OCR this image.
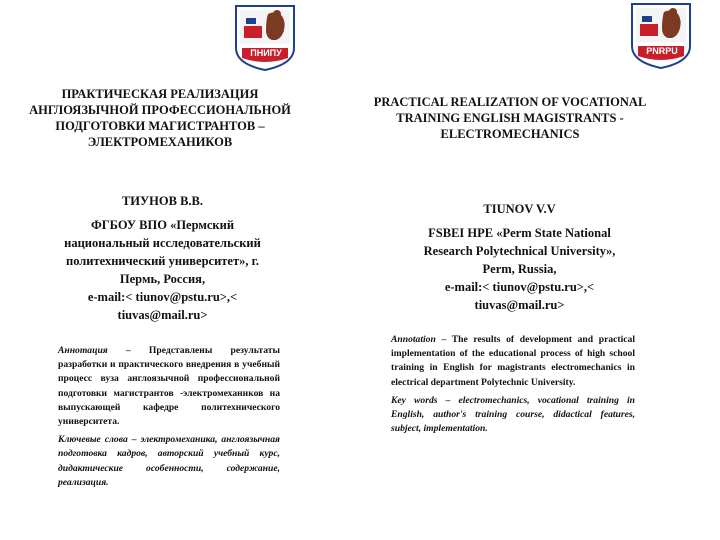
ПНИПУ
ПРАКТИЧЕСКАЯ РЕАЛИЗАЦИЯ
АНГЛОЯЗЫЧНОЙ ПРОФЕССИОНАЛЬНОЙ
ПОДГОТОВКИ МАГИСТРАНТОВ –
ЭЛЕКТРОМЕХАНИКОВ
ТИУНОВ В.В.
ФГБОУ ВПО «Пермский
национальный исследовательский
политехнический университет», г.
Пермь, Россия,
e-mail:< tiunov@pstu.ru>,<
tiuvas@mail.ru>
Аннотация – Представлены результаты разработки и практического внедрения в учебный процесс вуза англоязычной профессиональной подготовки магистрантов -электромехаников на выпускающей кафедре политехнического университета.
Ключевые слова – электромеханика, англоязычная подготовка кадров, авторский учебный курс, дидактические особенности, содержание, реализация.
PNRPU
PRACTICAL REALIZATION OF VOCATIONAL
TRAINING ENGLISH MAGISTRANTS -
ELECTROMECHANICS
TIUNOV V.V
FSBEI HPE «Perm State National
Research Polytechnical University»,
Perm, Russia,
e-mail:< tiunov@pstu.ru>,<
tiuvas@mail.ru>
Annotation – The results of development and practical implementation of the educational process of high school training in English for magistrants electromechanics in electrical department Polytechnic University.
Key words – electromechanics, vocational training in English, author's training course, didactical features, subject, implementation.
